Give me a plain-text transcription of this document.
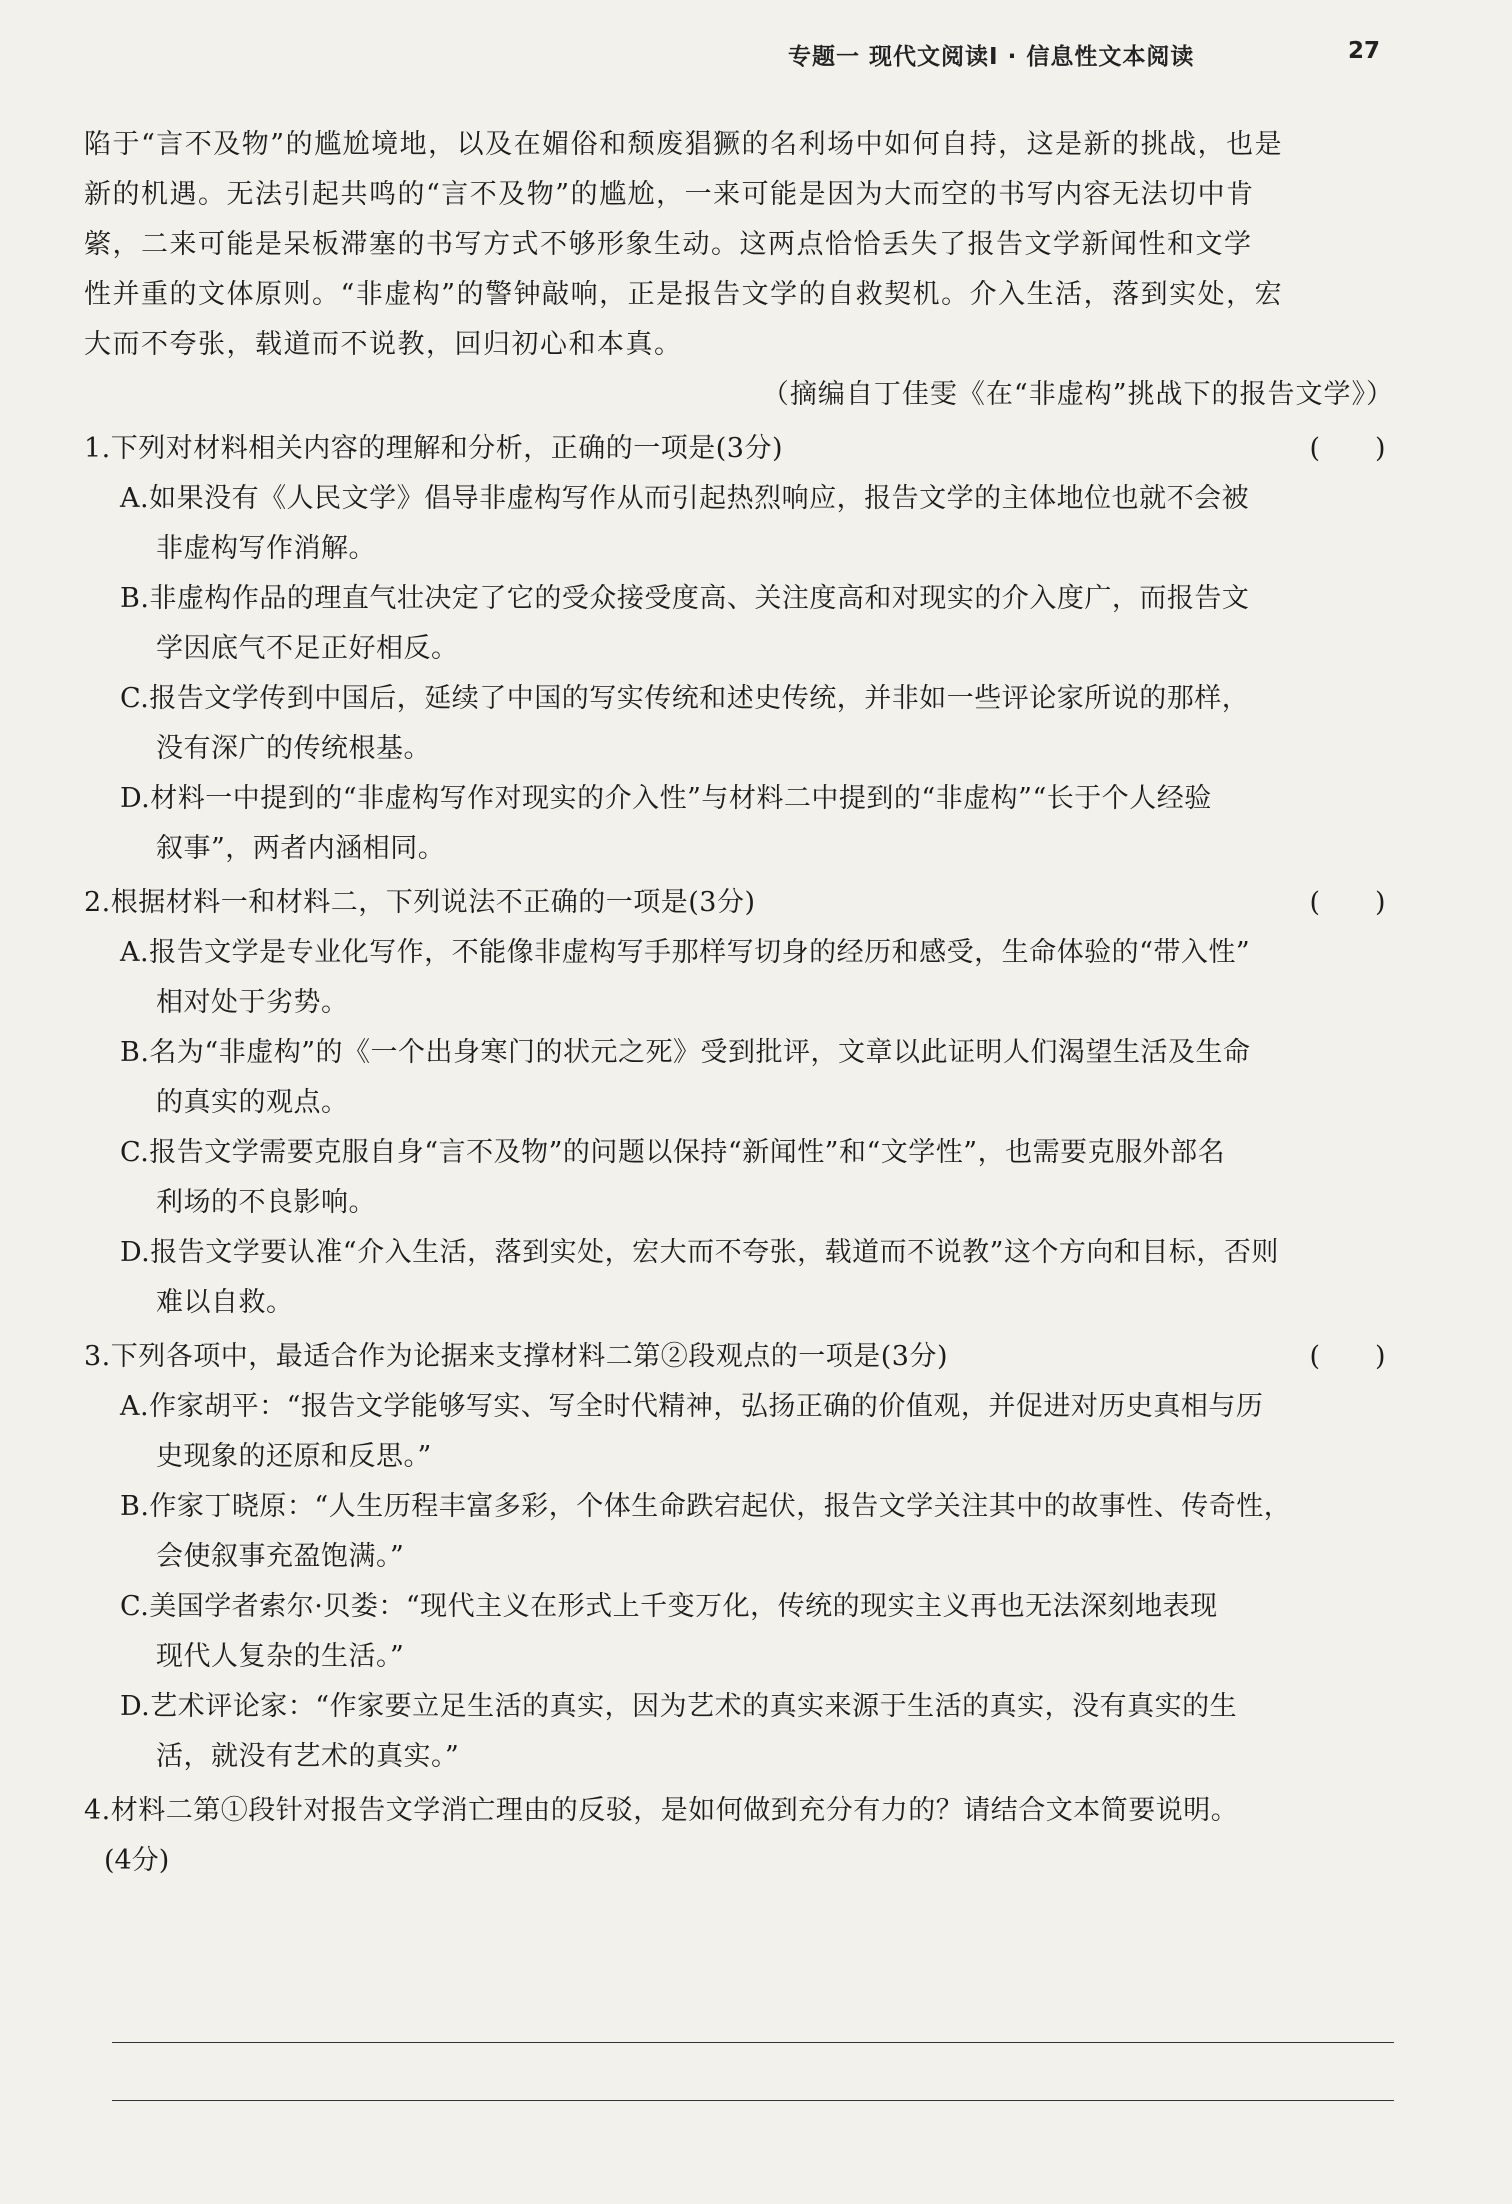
专题一 现代文阅读Ⅰ · 信息性文本阅读	27

陷于“言不及物”的尴尬境地，以及在媚俗和颓废猖獗的名利场中如何自持，这是新的挑战，也是

新的机遇。无法引起共鸣的“言不及物”的尴尬，一来可能是因为大而空的书写内容无法切中肯

綮，二来可能是呆板滞塞的书写方式不够形象生动。这两点恰恰丢失了报告文学新闻性和文学

性并重的文体原则。“非虚构”的警钟敲响，正是报告文学的自救契机。介入生活，落到实处，宏

大而不夸张，载道而不说教，回归初心和本真。

（摘编自丁佳雯《在“非虚构”挑战下的报告文学》）
1.下列对材料相关内容的理解和分析，正确的一项是(3分)	(      )
A.如果没有《人民文学》倡导非虚构写作从而引起热烈响应，报告文学的主体地位也就不会被
非虚构写作消解。
B.非虚构作品的理直气壮决定了它的受众接受度高、关注度高和对现实的介入度广，而报告文
学因底气不足正好相反。
C.报告文学传到中国后，延续了中国的写实传统和述史传统，并非如一些评论家所说的那样，
没有深广的传统根基。
D.材料一中提到的“非虚构写作对现实的介入性”与材料二中提到的“非虚构”“长于个人经验
叙事”，两者内涵相同。
2.根据材料一和材料二，下列说法不正确的一项是(3分)	(      )
A.报告文学是专业化写作，不能像非虚构写手那样写切身的经历和感受，生命体验的“带入性”
相对处于劣势。
B.名为“非虚构”的《一个出身寒门的状元之死》受到批评，文章以此证明人们渴望生活及生命
的真实的观点。
C.报告文学需要克服自身“言不及物”的问题以保持“新闻性”和“文学性”，也需要克服外部名
利场的不良影响。
D.报告文学要认准“介入生活，落到实处，宏大而不夸张，载道而不说教”这个方向和目标，否则
难以自救。
3.下列各项中，最适合作为论据来支撑材料二第②段观点的一项是(3分)	(      )
A.作家胡平：“报告文学能够写实、写全时代精神，弘扬正确的价值观，并促进对历史真相与历
史现象的还原和反思。”
B.作家丁晓原：“人生历程丰富多彩，个体生命跌宕起伏，报告文学关注其中的故事性、传奇性，
会使叙事充盈饱满。”
C.美国学者索尔·贝娄：“现代主义在形式上千变万化，传统的现实主义再也无法深刻地表现
现代人复杂的生活。”
D.艺术评论家：“作家要立足生活的真实，因为艺术的真实来源于生活的真实，没有真实的生
活，就没有艺术的真实。”
4.材料二第①段针对报告文学消亡理由的反驳，是如何做到充分有力的？请结合文本简要说明。
(4分)
